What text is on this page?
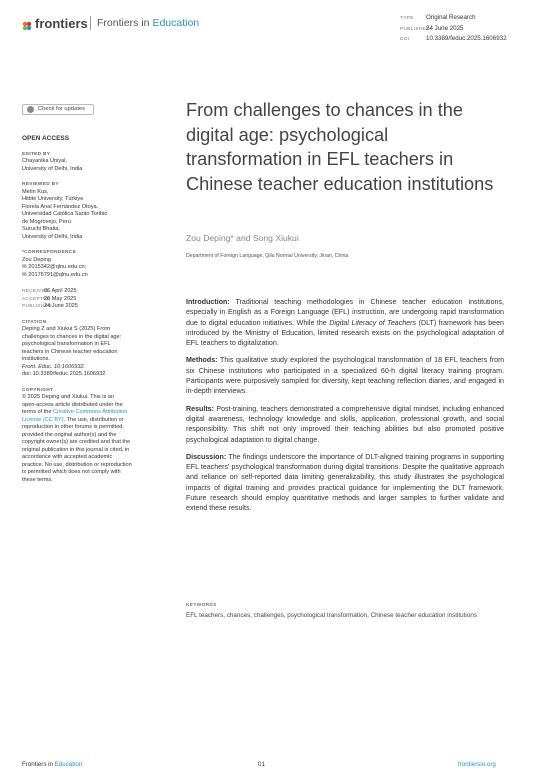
frontiers Frontiers in Education	TYPE Original Research
PUBLISHED24 June 2025
DOI	10.3389/feduc.2025.1606932
Check for updates
OPEN ACCESS
EDITED BY
Chayanika Uniyal,
University of Delhi, India
REVIEWED BY
Metin Kus,
Hittite University, Türkiye
Fiorela Anaí Fernández Otoya,
Universidad Católica Santo Toribio
de Mogrovejo, Peru
Suruchi Bhatia,
University of Delhi, India
*CORRESPONDENCE
Zou Deping
✉ 2015342@qlnu.edu.cn;
✉ 20176791@qlnu.edu.cn
RECEIVED06 April 2025
ACCEPTED26 May 2025
PUBLISHED24 June 2025
CITATION
Deping Z and Xiukui S (2025) From
challenges to chances in the digital age:
psychological transformation in EFL
teachers in Chinese teacher education
institutions.
Front. Educ. 10:1606932.
doi: 10.3389/feduc.2025.1606932
COPYRIGHT
© 2025 Deping and Xiukui. This is an
open-access article distributed under the
terms of the Creative Commons Attribution
License (CC BY). The use, distribution or
reproduction in other forums is permitted,
provided the original author(s) and the
copyright owner(s) are credited and that the
original publication in this journal is cited, in
accordance with accepted academic
practice. No use, distribution or reproduction
is permitted which does not comply with
these terms.
From challenges to chances in the digital age: psychological transformation in EFL teachers in Chinese teacher education institutions
Zou Deping* and Song Xiukui
Department of Foreign Language, Qilu Normal University, Jinan, China

Introduction: Traditional teaching methodologies in Chinese teacher education institutions, especially in English as a Foreign Language (EFL) instruction, are undergoing rapid transformation due to digital education initiatives. While the Digital Literacy of Teachers (DLT) framework has been introduced by the Ministry of Education, limited research exists on the psychological adaptation of EFL teachers to digitalization.

Methods: This qualitative study explored the psychological transformation of 18 EFL teachers from six Chinese institutions who participated in a specialized 60-h digital literacy training program. Participants were purposively sampled for diversity, kept teaching reflection diaries, and engaged in in-depth interviews.

Results: Post-training, teachers demonstrated a comprehensive digital mindset, including enhanced digital awareness, technology knowledge and skills, application, professional growth, and social responsibility. This shift not only improved their teaching abilities but also promoted positive psychological adaptation to digital change.

Discussion: The findings underscore the importance of DLT-aligned training programs in supporting EFL teachers' psychological transformation during digital transitions. Despite the qualitative approach and reliance on self-reported data limiting generalizability, this study illustrates the psychological impacts of digital training and provides practical guidance for implementing the DLT framework. Future research should employ quantitative methods and larger samples to further validate and extend these results.

KEYWORDS
EFL teachers, chances, challenges, psychological transformation, Chinese teacher education institutions
Frontiers in Education	01	frontiersin.org
